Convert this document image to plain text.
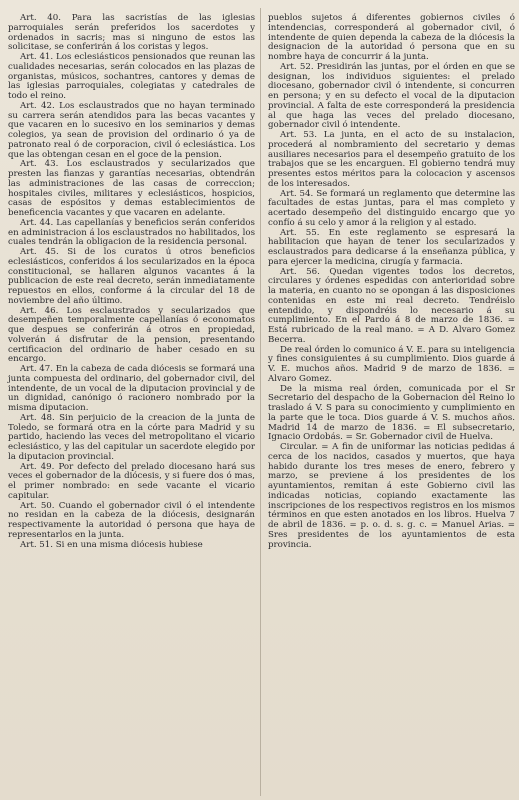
Art. 40. Para las sacristías de las iglesias parroquiales serán preferidos los sacerdotes y ordenados in sacris; mas si ninguno de estos las solicitase, se conferirán á los coristas y legos.

Art. 41. Los eclesiásticos pensionados que reunan las cualidades necesarias, serán colocados en las plazas de organistas, músicos, sochantres, cantores y demas de las iglesias parroquiales, colegiatas y catedrales de todo el reino.

Art. 42. Los esclaustrados que no hayan terminado su carrera serán atendidos para las becas vacantes y que vacaren en lo sucesivo en los seminarios y demas colegios, ya sean de provision del ordinario ó ya de patronato real ó de corporacion, civil ó eclesiástica. Los que las obtengan cesan en el goce de la pension.

Art. 43. Los esclaustrados y secularizados que presten las fianzas y garantías necesarias, obtendrán las administraciones de las casas de correccion; hospitales civiles, militares y eclesiásticos, hospicios, casas de espósitos y demas establecimientos de beneficencia vacantes y que vacaren en adelante.

Art. 44. Las capellanías y beneficios serán conferidos en administracion á los esclaustrados no habilitados, los cuales tendrán la obligacion de la residencia personal.

Art. 45. Si de los curatos ú otros beneficios eclesiásticos, conferidos á los secularizados en la época constitucional, se hallaren algunos vacantes á la publicacion de este real decreto, serán inmediatamente repuestos en ellos, conforme á la circular del 18 de noviembre del año último.

Art. 46. Los esclaustrados y secularizados que desempeñen temporalmente capellanías ó economatos que despues se conferirán á otros en propiedad, volverán á disfrutar de la pension, presentando certificacion del ordinario de haber cesado en su encargo.

Art. 47. En la cabeza de cada diócesis se formará una junta compuesta del ordinario, del gobernador civil, del intendente, de un vocal de la diputacion provincial y de un dignidad, canónigo ó racionero nombrado por la misma diputacion.

Art. 48. Sin perjuicio de la creacion de la junta de Toledo, se formará otra en la córte para Madrid y su partido, haciendo las veces del metropolitano el vicario eclesiástico, y las del capitular un sacerdote elegido por la diputacion provincial.

Art. 49. Por defecto del prelado diocesano hará sus veces el gobernador de la diócesis, y si fuere dos ó mas, el primer nombrado: en sede vacante el vicario capitular.

Art. 50. Cuando el gobernador civil ó el intendente no residan en la cabeza de la diócesis, designarán respectivamente la autoridad ó persona que haya de representarlos en la junta.

Art. 51. Si en una misma diócesis hubiese

pueblos sujetos á diferentes gobiernos civiles ó intendencias, corresponderá al gobernador civil, ó intendente de quien dependa la cabeza de la diócesis la designacion de la autoridad ó persona que en su nombre haya de concurrir á la junta.

Art. 52. Presidirán las juntas, por el órden en que se designan, los individuos siguientes: el prelado diocesano, gobernador civil ó intendente, si concurren en persona; y en su defecto el vocal de la diputacion provincial. A falta de este corresponderá la presidencia al que haga las veces del prelado diocesano, gobernador civil ó intendente.

Art. 53. La junta, en el acto de su instalacion, procederá al nombramiento del secretario y demas ausiliares necesarios para el desempeño gratuito de los trabajos que se les encarguen. El gobierno tendrá muy presentes estos méritos para la colocacion y ascensos de los interesados.

Art. 54. Se formará un reglamento que determine las facultades de estas juntas, para el mas completo y acertado desempeño del distinguido encargo que yo confío á su celo y amor á la religion y al estado.

Art. 55. En este reglamento se espresará la habilitacion que hayan de tener los secularizados y esclaustrados para dedicarse á la enseñanza pública, y para ejercer la medicina, cirugía y farmacia.

Art. 56. Quedan vigentes todos los decretos, circulares y órdenes espedidas con anterioridad sobre la materia, en cuanto no se opongan á las disposiciones contenidas en este mi real decreto. Tendréislo entendido, y dispondréis lo necesario á su cumplimiento. En el Pardo á 8 de marzo de 1836. = Está rubricado de la real mano. = A D. Alvaro Gomez Becerra.

De real órden lo comunico á V. E. para su inteligencia y fines consiguientes á su cumplimiento. Dios guarde á V. E. muchos años. Madrid 9 de marzo de 1836. = Alvaro Gomez.

De la misma real órden, comunicada por el Sr Secretario del despacho de la Gobernacion del Reino lo traslado á V. S para su conocimiento y cumplimiento en la parte que le toca. Dios guarde á V. S. muchos años. Madrid 14 de marzo de 1836. = El subsecretario, Ignacio Ordobás. = Sr. Gobernador civil de Huelva.

Circular. = A fin de uniformar las noticias pedidas á cerca de los nacidos, casados y muertos, que haya habido durante los tres meses de enero, febrero y marzo, se previene á los presidentes de los ayuntamientos, remitan á este Gobierno civil las indicadas noticias, copiando exactamente las inscripciones de los respectivos registros en los mismos términos en que esten anotados en los libros. Huelva 7 de abril de 1836. = p. o. d. s. g. c. = Manuel Arias. = Sres presidentes de los ayuntamientos de esta provincia.
